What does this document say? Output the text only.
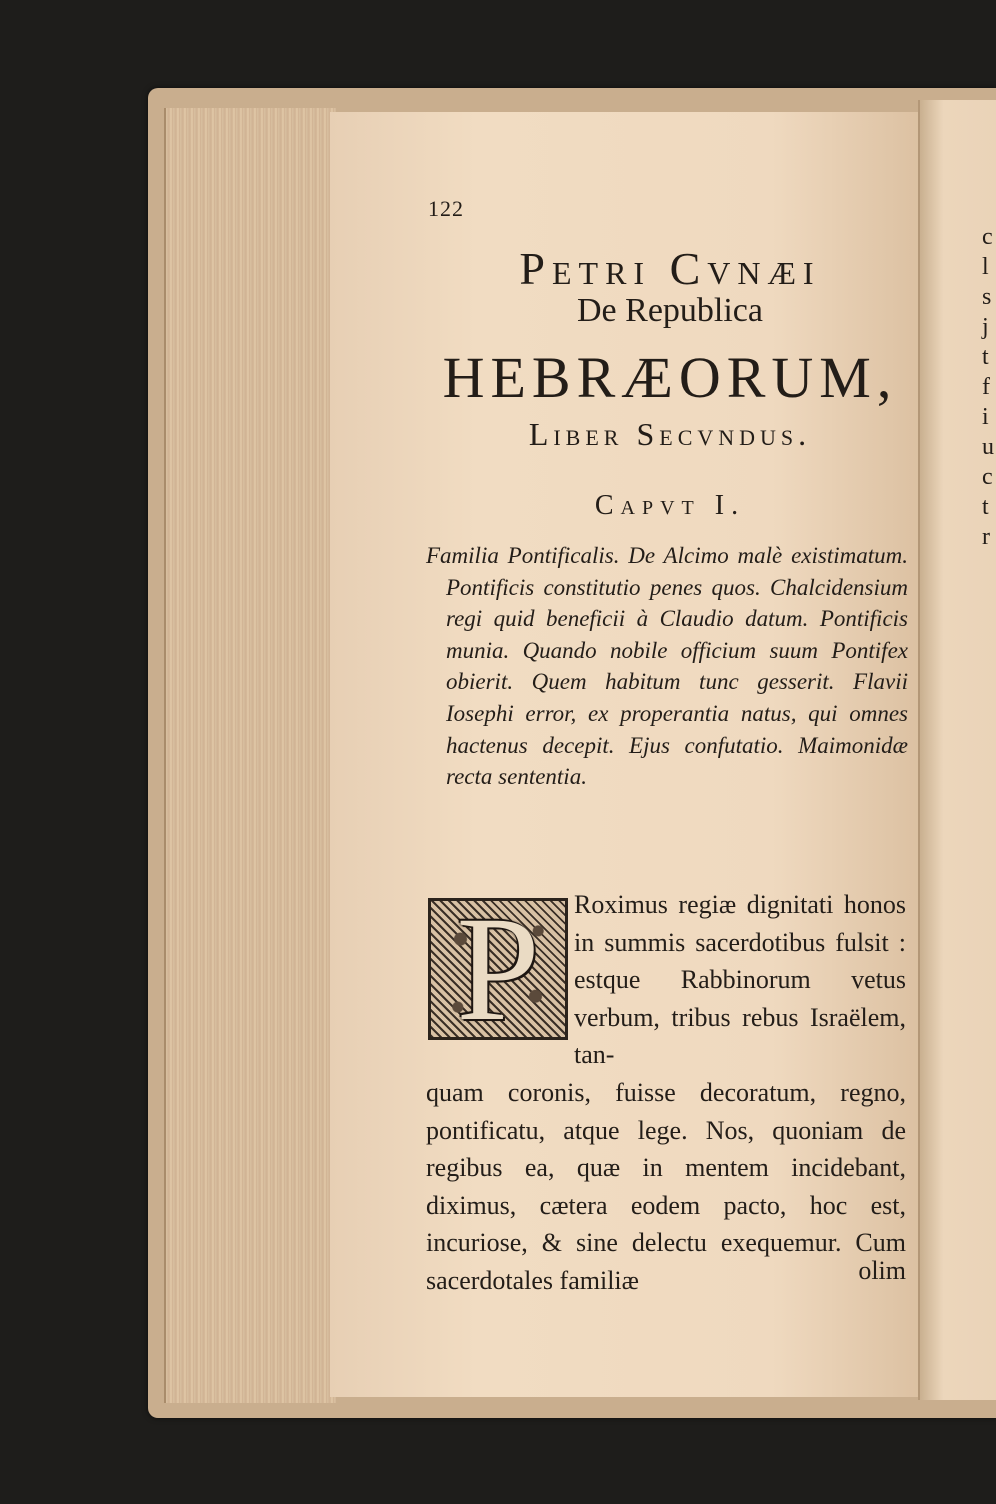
c l s j t f i u c t r
122
Petri Cvnæi
De Republica
HEBRÆORUM,
Liber Secvndus.
Capvt I.
Familia Pontificalis. De Alcimo malè existimatum. Pontificis constitutio penes quos. Chalcidensium regi quid beneficii à Claudio datum. Pontificis munia. Quando nobile officium suum Pontifex obierit. Quem habitum tunc gesserit. Flavii Iosephi error, ex properantia natus, qui omnes hactenus decepit. Ejus confutatio. Maimonidæ recta sententia.
P	Roximus regiæ dignitati honos in summis sacerdotibus fulsit : estque Rabbinorum vetus verbum, tribus rebus Israëlem, tan-
quam coronis, fuisse decoratum, regno, pontificatu, atque lege. Nos, quoniam de regibus ea, quæ in mentem incidebant, diximus, cætera eodem pacto, hoc est, incuriose, & sine delectu exequemur. Cum sacerdotales familiæ	olim
